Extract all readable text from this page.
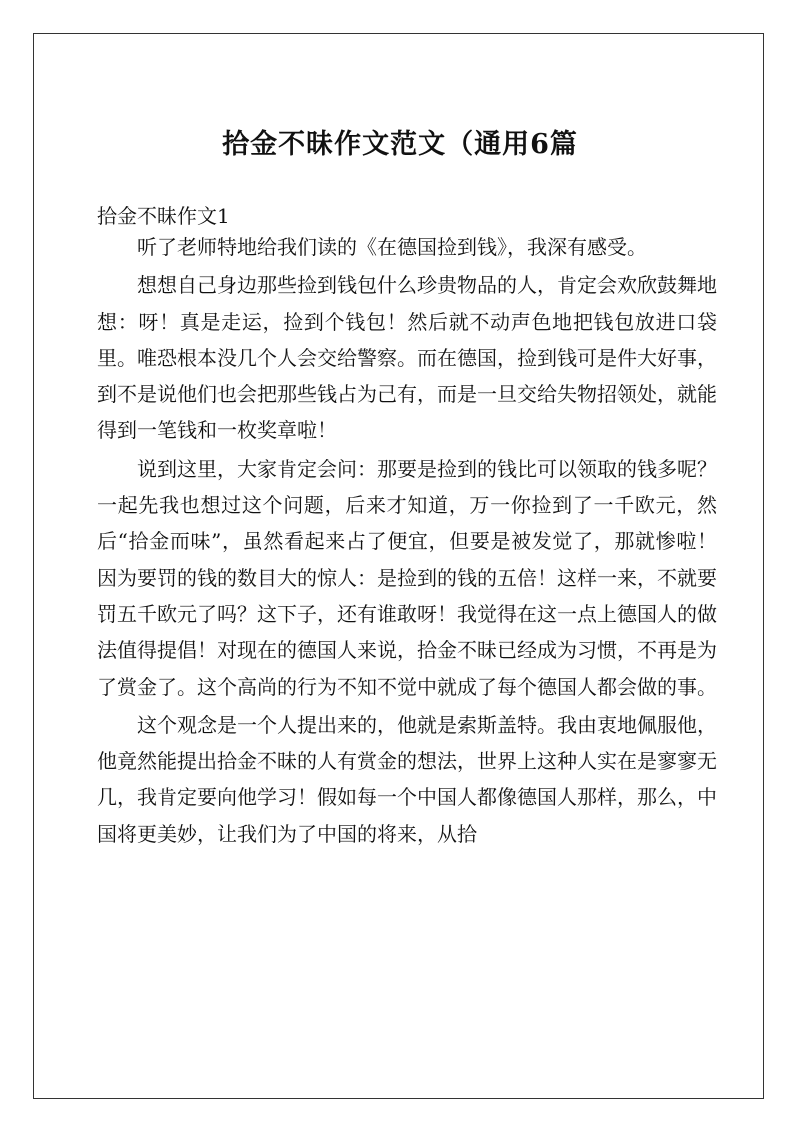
拾金不昧作文范文（通用6篇
拾金不昧作文1

听了老师特地给我们读的《在德国捡到钱》，我深有感受。

想想自己身边那些捡到钱包什么珍贵物品的人，肯定会欢欣鼓舞地想：呀！真是走运，捡到个钱包！然后就不动声色地把钱包放进口袋里。唯恐根本没几个人会交给警察。而在德国，捡到钱可是件大好事，到不是说他们也会把那些钱占为己有，而是一旦交给失物招领处，就能得到一笔钱和一枚奖章啦！

说到这里，大家肯定会问：那要是捡到的钱比可以领取的钱多呢？一起先我也想过这个问题，后来才知道，万一你捡到了一千欧元，然后“拾金而味”，虽然看起来占了便宜，但要是被发觉了，那就惨啦！因为要罚的钱的数目大的惊人：是捡到的钱的五倍！这样一来，不就要罚五千欧元了吗？这下子，还有谁敢呀！我觉得在这一点上德国人的做法值得提倡！对现在的德国人来说，拾金不昧已经成为习惯，不再是为了赏金了。这个高尚的行为不知不觉中就成了每个德国人都会做的事。

这个观念是一个人提出来的，他就是索斯盖特。我由衷地佩服他，他竟然能提出拾金不昧的人有赏金的想法，世界上这种人实在是寥寥无几，我肯定要向他学习！假如每一个中国人都像德国人那样，那么，中国将更美妙，让我们为了中国的将来，从拾
